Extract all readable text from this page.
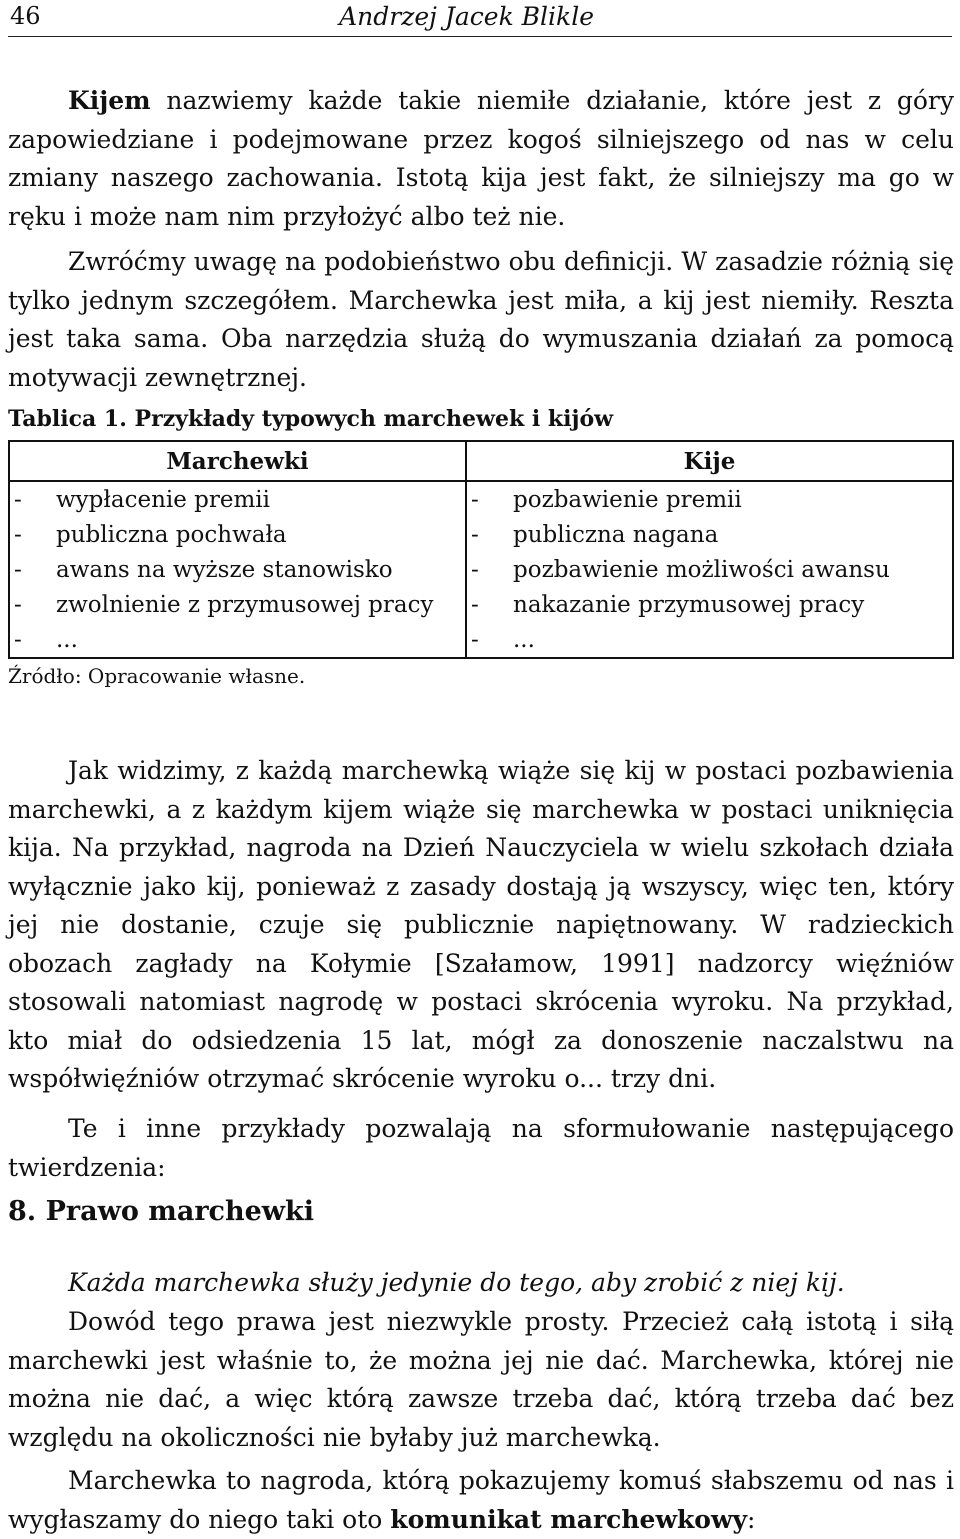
46	Andrzej Jacek Blikle

Kijem nazwiemy każde takie niemiłe działanie, które jest z góry zapowiedziane i podejmowane przez kogoś silniejszego od nas w celu zmiany naszego zachowania. Istotą kija jest fakt, że silniejszy ma go w ręku i może nam nim przyłożyć albo też nie.

Zwróćmy uwagę na podobieństwo obu definicji. W zasadzie różnią się tylko jednym szczegółem. Marchewka jest miła, a kij jest niemiły. Reszta jest taka sama. Oba narzędzia służą do wymuszania działań za pomocą motywacji zewnętrznej.

Tablica 1. Przykłady typowych marchewek i kijów
Marchewki	Kije
- wypłacenie premii	- pozbawienie premii
- publiczna pochwała	- publiczna nagana
- awans na wyższe stanowisko	- pozbawienie możliwości awansu
- zwolnienie z przymusowej pracy	- nakazanie przymusowej pracy
- ...	- ...
Źródło: Opracowanie własne.

Jak widzimy, z każdą marchewką wiąże się kij w postaci pozbawienia marchewki, a z każdym kijem wiąże się marchewka w postaci uniknięcia kija. Na przykład, nagroda na Dzień Nauczyciela w wielu szkołach działa wyłącznie jako kij, ponieważ z zasady dostają ją wszyscy, więc ten, który jej nie dostanie, czuje się publicznie napiętnowany. W radzieckich obozach zagłady na Kołymie [Szałamow, 1991] nadzorcy więźniów stosowali natomiast nagrodę w postaci skrócenia wyroku. Na przykład, kto miał do odsiedzenia 15 lat, mógł za donoszenie naczalstwu na współwięźniów otrzymać skrócenie wyroku o... trzy dni.

Te i inne przykłady pozwalają na sformułowanie następującego twierdzenia:

8. Prawo marchewki

Każda marchewka służy jedynie do tego, aby zrobić z niej kij.

Dowód tego prawa jest niezwykle prosty. Przecież całą istotą i siłą marchewki jest właśnie to, że można jej nie dać. Marchewka, której nie można nie dać, a więc którą zawsze trzeba dać, którą trzeba dać bez względu na okoliczności nie byłaby już marchewką.

Marchewka to nagroda, którą pokazujemy komuś słabszemu od nas i wygłaszamy do niego taki oto komunikat marchewkowy:
